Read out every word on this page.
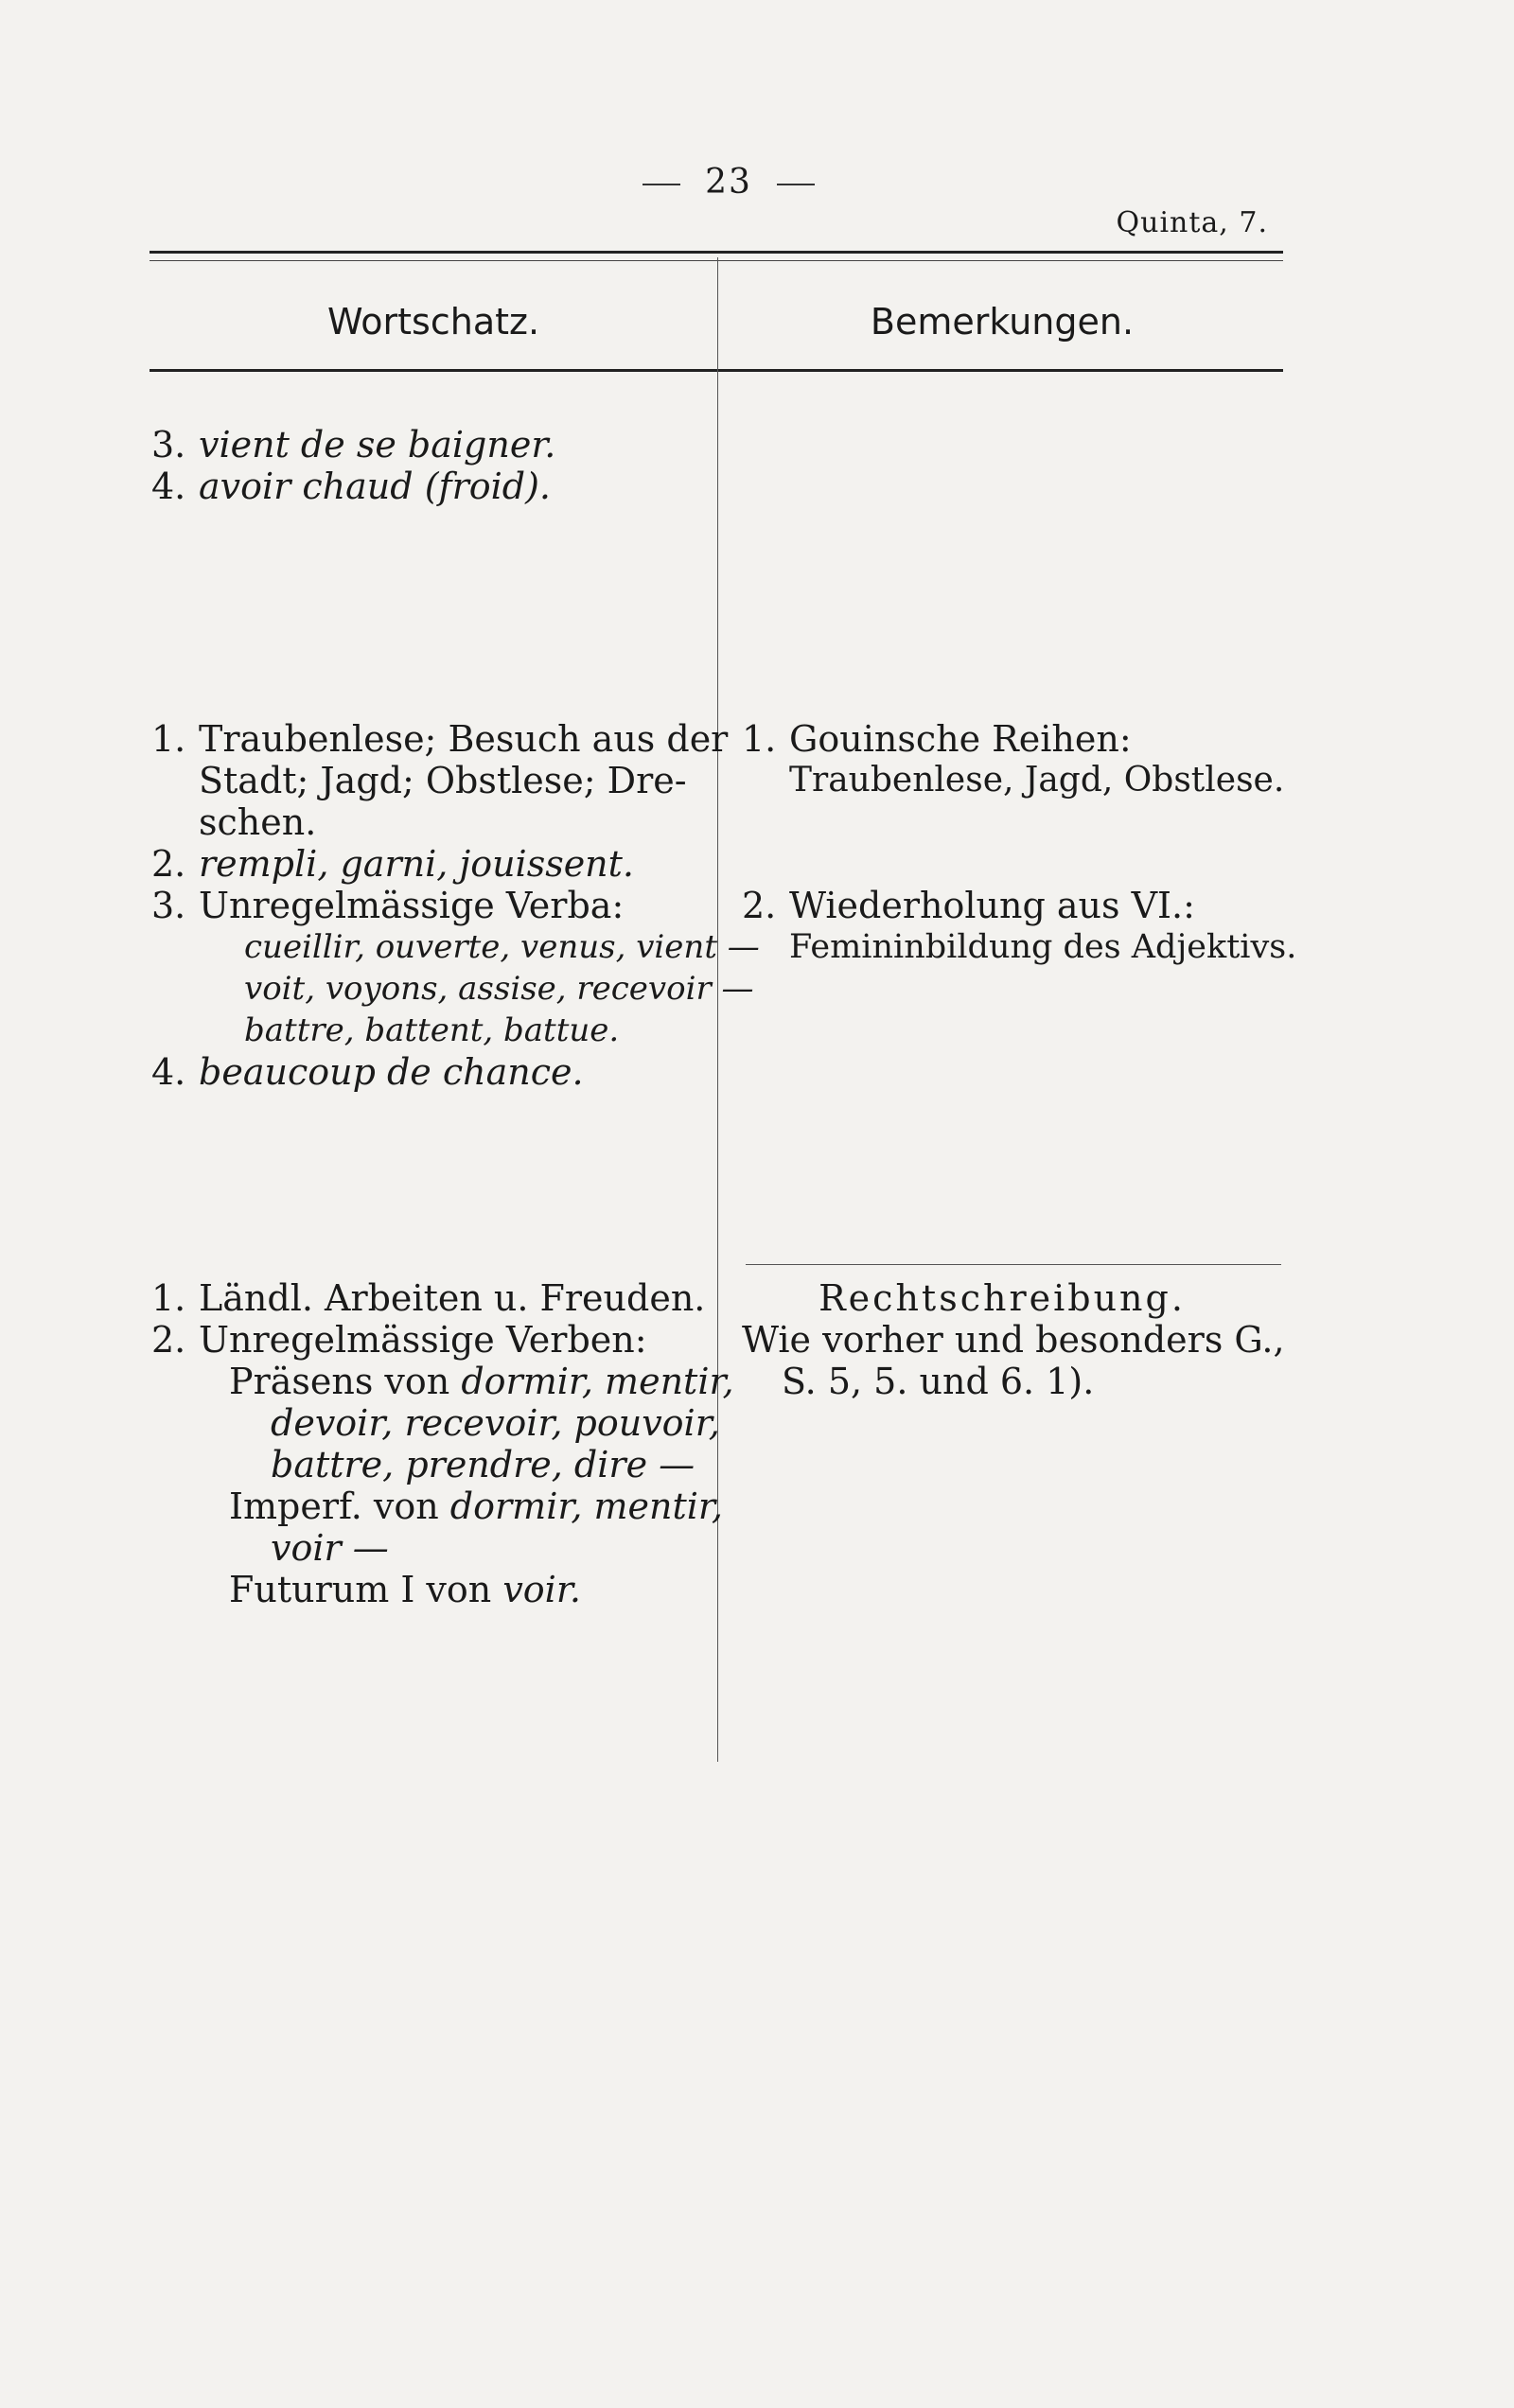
23
Quinta, 7.
Wortschatz.	Bemerkungen.
3. vient de se baigner.
4. avoir chaud (froid).
1. Traubenlese; Besuch aus der
Stadt; Jagd; Obstlese; Dre-
schen.
2. rempli, garni, jouissent.
3. Unregelmässige Verba:
cueillir, ouverte, venus, vient —
voit, voyons, assise, recevoir —
battre, battent, battue.
4. beaucoup de chance.
1. Ländl. Arbeiten u. Freuden.
2. Unregelmässige Verben:
Präsens von dormir, mentir,
devoir, recevoir, pouvoir,
battre, prendre, dire —
Imperf. von dormir, mentir,
voir —
Futurum I von voir.
1. Gouinsche Reihen:
Traubenlese, Jagd, Obstlese.
2. Wiederholung aus VI.:
Femininbildung des Adjektivs.
Rechtschreibung.
Wie vorher und besonders G.,
S. 5, 5. und 6. 1).
